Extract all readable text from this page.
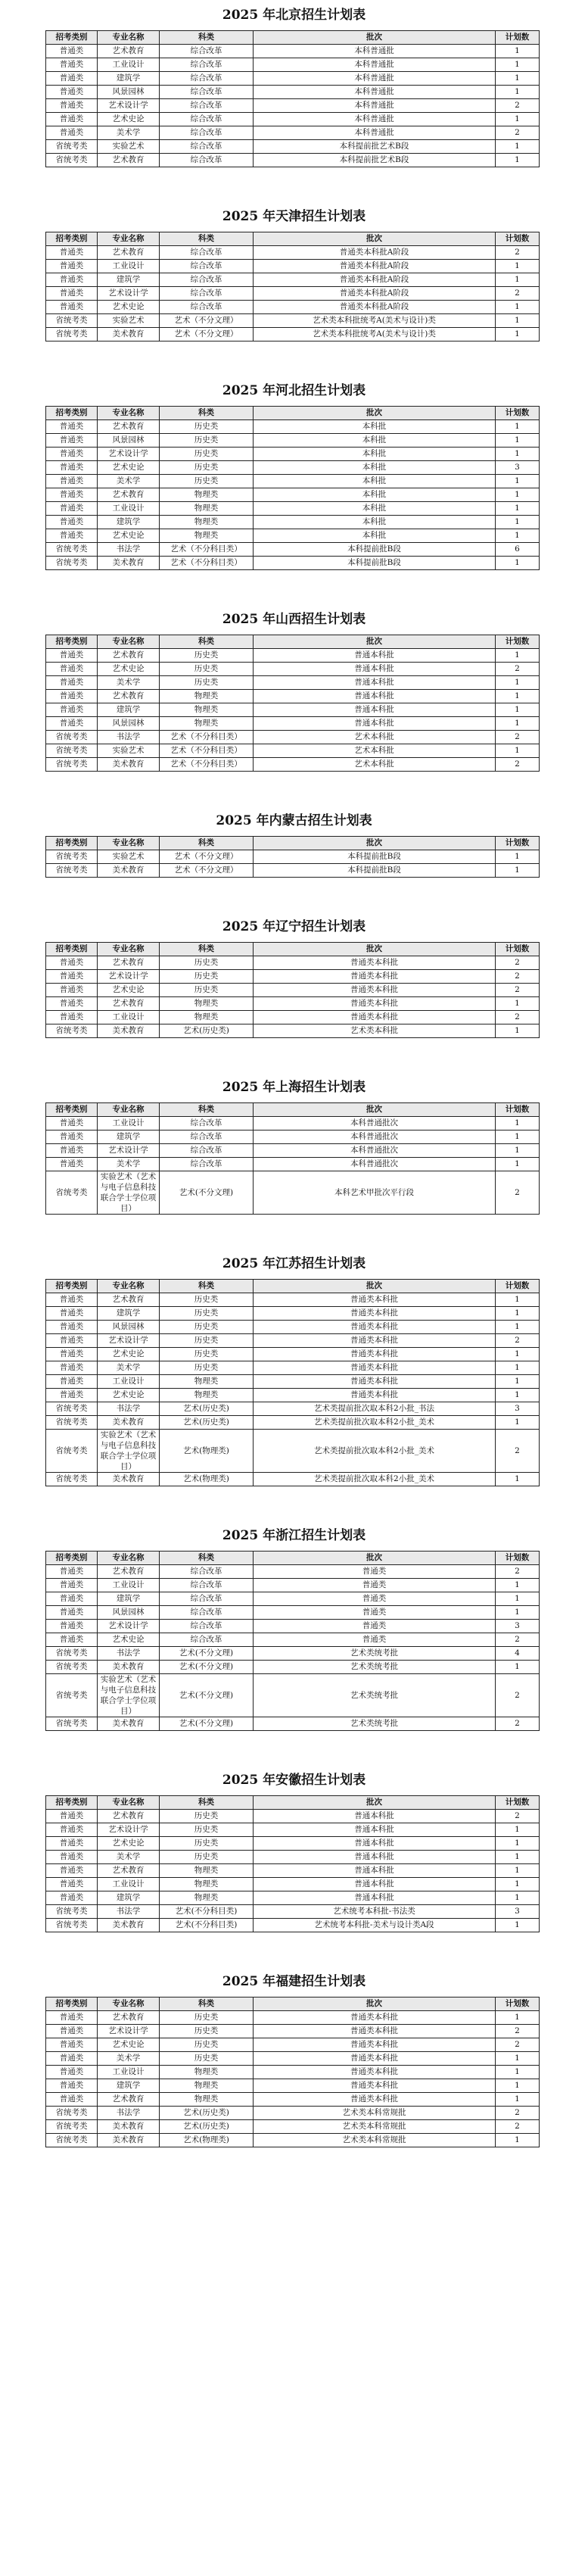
2025 年北京招生计划表
招考类别	专业名称	科类	批次	计划数
普通类	艺术教育	综合改革	本科普通批	1
普通类	工业设计	综合改革	本科普通批	1
普通类	建筑学	综合改革	本科普通批	1
普通类	风景园林	综合改革	本科普通批	1
普通类	艺术设计学	综合改革	本科普通批	2
普通类	艺术史论	综合改革	本科普通批	1
普通类	美术学	综合改革	本科普通批	2
省统考类	实验艺术	综合改革	本科提前批艺术B段	1
省统考类	艺术教育	综合改革	本科提前批艺术B段	1
2025 年天津招生计划表
招考类别	专业名称	科类	批次	计划数
普通类	艺术教育	综合改革	普通类本科批A阶段	2
普通类	工业设计	综合改革	普通类本科批A阶段	1
普通类	建筑学	综合改革	普通类本科批A阶段	1
普通类	艺术设计学	综合改革	普通类本科批A阶段	2
普通类	艺术史论	综合改革	普通类本科批A阶段	1
省统考类	实验艺术	艺术（不分文理）	艺术类本科批统考A(美术与设计)类	1
省统考类	美术教育	艺术（不分文理）	艺术类本科批统考A(美术与设计)类	1
2025 年河北招生计划表
招考类别	专业名称	科类	批次	计划数
普通类	艺术教育	历史类	本科批	1
普通类	风景园林	历史类	本科批	1
普通类	艺术设计学	历史类	本科批	1
普通类	艺术史论	历史类	本科批	3
普通类	美术学	历史类	本科批	1
普通类	艺术教育	物理类	本科批	1
普通类	工业设计	物理类	本科批	1
普通类	建筑学	物理类	本科批	1
普通类	艺术史论	物理类	本科批	1
省统考类	书法学	艺术（不分科目类）	本科提前批B段	6
省统考类	美术教育	艺术（不分科目类）	本科提前批B段	1
2025 年山西招生计划表
招考类别	专业名称	科类	批次	计划数
普通类	艺术教育	历史类	普通本科批	1
普通类	艺术史论	历史类	普通本科批	2
普通类	美术学	历史类	普通本科批	1
普通类	艺术教育	物理类	普通本科批	1
普通类	建筑学	物理类	普通本科批	1
普通类	风景园林	物理类	普通本科批	1
省统考类	书法学	艺术（不分科目类）	艺术本科批	2
省统考类	实验艺术	艺术（不分科目类）	艺术本科批	1
省统考类	美术教育	艺术（不分科目类）	艺术本科批	2
2025 年内蒙古招生计划表
招考类别	专业名称	科类	批次	计划数
省统考类	实验艺术	艺术（不分文理）	本科提前批B段	1
省统考类	美术教育	艺术（不分文理）	本科提前批B段	1
2025 年辽宁招生计划表
招考类别	专业名称	科类	批次	计划数
普通类	艺术教育	历史类	普通类本科批	2
普通类	艺术设计学	历史类	普通类本科批	2
普通类	艺术史论	历史类	普通类本科批	2
普通类	艺术教育	物理类	普通类本科批	1
普通类	工业设计	物理类	普通类本科批	2
省统考类	美术教育	艺术(历史类)	艺术类本科批	1
2025 年上海招生计划表
招考类别	专业名称	科类	批次	计划数
普通类	工业设计	综合改革	本科普通批次	1
普通类	建筑学	综合改革	本科普通批次	1
普通类	艺术设计学	综合改革	本科普通批次	1
普通类	美术学	综合改革	本科普通批次	1
省统考类	实验艺术（艺术与电子信息科技联合学士学位项目）	艺术(不分文理)	本科艺术甲批次平行段	2
2025 年江苏招生计划表
招考类别	专业名称	科类	批次	计划数
普通类	艺术教育	历史类	普通类本科批	1
普通类	建筑学	历史类	普通类本科批	1
普通类	风景园林	历史类	普通类本科批	1
普通类	艺术设计学	历史类	普通类本科批	2
普通类	艺术史论	历史类	普通类本科批	1
普通类	美术学	历史类	普通类本科批	1
普通类	工业设计	物理类	普通类本科批	1
普通类	艺术史论	物理类	普通类本科批	1
省统考类	书法学	艺术(历史类)	艺术类提前批次取本科2小批_书法	3
省统考类	美术教育	艺术(历史类)	艺术类提前批次取本科2小批_美术	1
省统考类	实验艺术（艺术与电子信息科技联合学士学位项目）	艺术(物理类)	艺术类提前批次取本科2小批_美术	2
省统考类	美术教育	艺术(物理类)	艺术类提前批次取本科2小批_美术	1
2025 年浙江招生计划表
招考类别	专业名称	科类	批次	计划数
普通类	艺术教育	综合改革	普通类	2
普通类	工业设计	综合改革	普通类	1
普通类	建筑学	综合改革	普通类	1
普通类	风景园林	综合改革	普通类	1
普通类	艺术设计学	综合改革	普通类	3
普通类	艺术史论	综合改革	普通类	2
省统考类	书法学	艺术(不分文理)	艺术类统考批	4
省统考类	美术教育	艺术(不分文理)	艺术类统考批	1
省统考类	实验艺术（艺术与电子信息科技联合学士学位项目）	艺术(不分文理)	艺术类统考批	2
省统考类	美术教育	艺术(不分文理)	艺术类统考批	2
2025 年安徽招生计划表
招考类别	专业名称	科类	批次	计划数
普通类	艺术教育	历史类	普通本科批	2
普通类	艺术设计学	历史类	普通本科批	1
普通类	艺术史论	历史类	普通本科批	1
普通类	美术学	历史类	普通本科批	1
普通类	艺术教育	物理类	普通本科批	1
普通类	工业设计	物理类	普通本科批	1
普通类	建筑学	物理类	普通本科批	1
省统考类	书法学	艺术(不分科目类)	艺术统考本科批-书法类	3
省统考类	美术教育	艺术(不分科目类)	艺术统考本科批-美术与设计类A段	1
2025 年福建招生计划表
招考类别	专业名称	科类	批次	计划数
普通类	艺术教育	历史类	普通类本科批	1
普通类	艺术设计学	历史类	普通类本科批	2
普通类	艺术史论	历史类	普通类本科批	2
普通类	美术学	历史类	普通类本科批	1
普通类	工业设计	物理类	普通类本科批	1
普通类	建筑学	物理类	普通类本科批	1
普通类	艺术教育	物理类	普通类本科批	1
省统考类	书法学	艺术(历史类)	艺术类本科常规批	2
省统考类	美术教育	艺术(历史类)	艺术类本科常规批	2
省统考类	美术教育	艺术(物理类)	艺术类本科常规批	1
